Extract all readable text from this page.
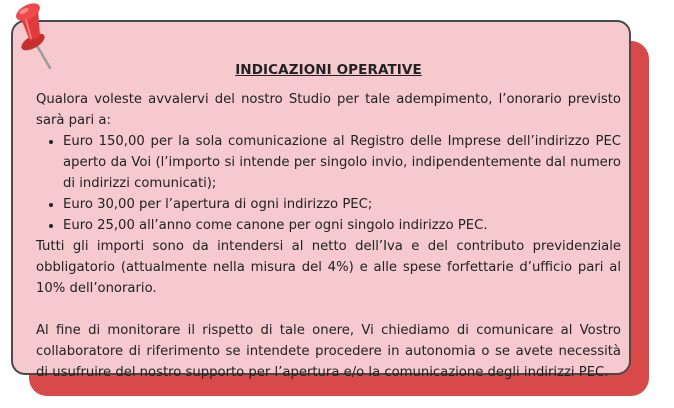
INDICAZIONI OPERATIVE

Qualora voleste avvalervi del nostro Studio per tale adempimento, l’onorario previsto sarà pari a:

• Euro 150,00 per la sola comunicazione al Registro delle Imprese dell’indirizzo PEC aperto da Voi (l’importo si intende per singolo invio, indipendentemente dal numero di indirizzi comunicati);
• Euro 30,00 per l’apertura di ogni indirizzo PEC;
• Euro 25,00 all’anno come canone per ogni singolo indirizzo PEC.

Tutti gli importi sono da intendersi al netto dell’Iva e del contributo previdenziale obbligatorio (attualmente nella misura del 4%) e alle spese forfettarie d’ufficio pari al 10% dell’onorario.

Al fine di monitorare il rispetto di tale onere, Vi chiediamo di comunicare al Vostro collaboratore di riferimento se intendete procedere in autonomia o se avete necessità di usufruire del nostro supporto per l’apertura e/o la comunicazione degli indirizzi PEC.
